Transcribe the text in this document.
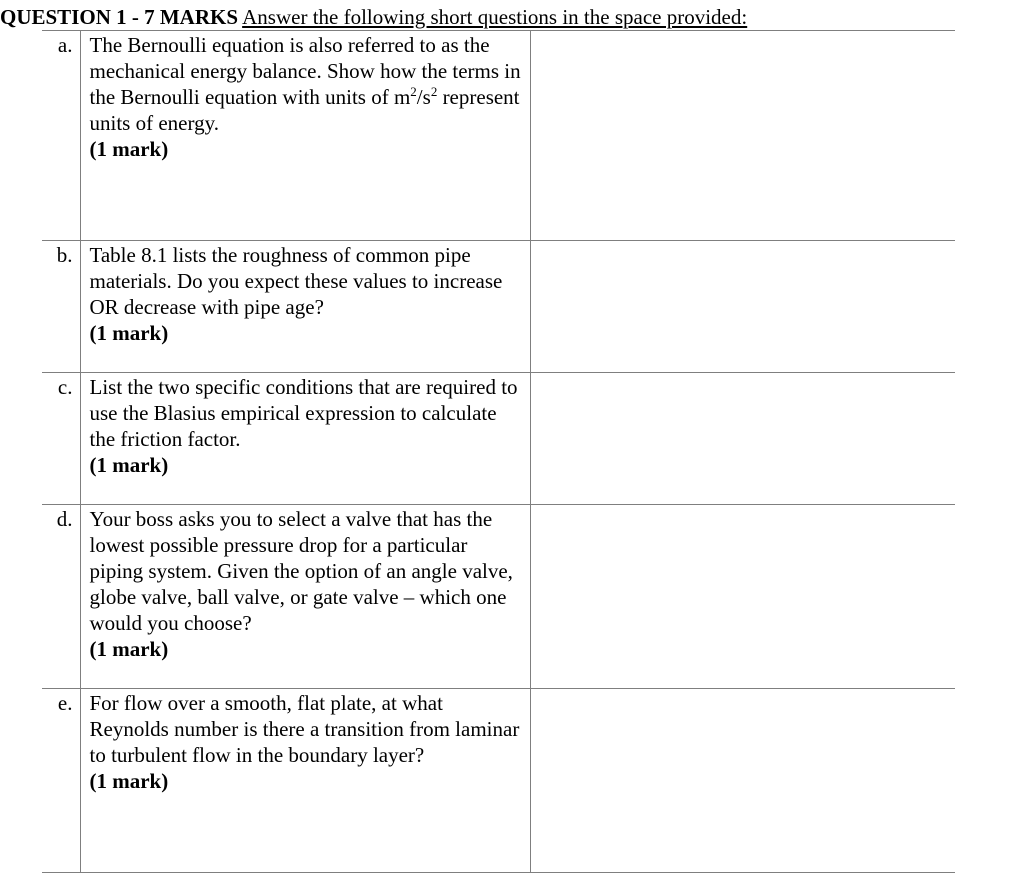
QUESTION 1 - 7 MARKS Answer the following short questions in the space provided:
a.	The Bernoulli equation is also referred to as the mechanical energy balance. Show how the terms in the Bernoulli equation with units of $m^2/s^2$ represent units of energy.
(1 mark)	

b.	Table 8.1 lists the roughness of common pipe materials. Do you expect these values to increase OR decrease with pipe age?
(1 mark)	

c.	List the two specific conditions that are required to use the Blasius empirical expression to calculate the friction factor.
(1 mark)	

d.	Your boss asks you to select a valve that has the lowest possible pressure drop for a particular piping system. Given the option of an angle valve, globe valve, ball valve, or gate valve – which one would you choose?
(1 mark)	

e.	For flow over a smooth, flat plate, at what Reynolds number is there a transition from laminar to turbulent flow in the boundary layer?
(1 mark)	
